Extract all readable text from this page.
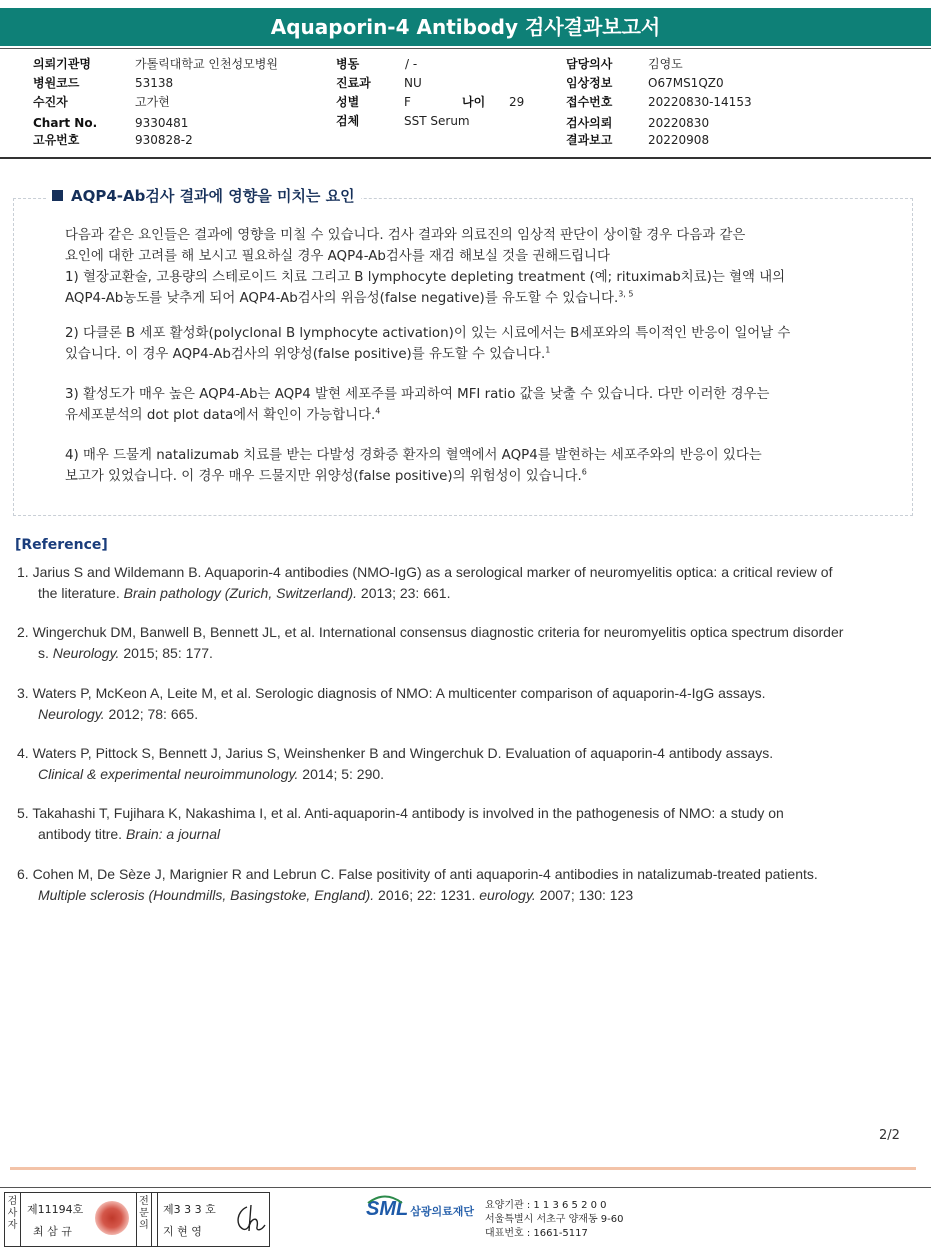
Aquaporin-4 Antibody 검사결과보고서
의뢰기관명	가톨릭대학교 인천성모병원
병원코드	53138
수진자	고가현
Chart No.	9330481
고유번호	930828-2
병동	/ -
진료과	NU
성별	F	나이 29
검체	SST Serum
담당의사	김영도
임상정보	O67MS1QZ0
접수번호	20220830-14153
검사의뢰	20220830
결과보고	20220908
AQP4-Ab검사 결과에 영향을 미치는 요인
다음과 같은 요인들은 결과에 영향을 미칠 수 있습니다. 검사 결과와 의료진의 임상적 판단이 상이할 경우 다음과 같은
요인에 대한 고려를 해 보시고 필요하실 경우 AQP4-Ab검사를 재검 해보실 것을 권해드립니다
1) 혈장교환술, 고용량의 스테로이드 치료 그리고 B lymphocyte depleting treatment (예; rituximab치료)는 혈액 내의
AQP4-Ab농도를 낮추게 되어 AQP4-Ab검사의 위음성(false negative)를 유도할 수 있습니다.$^{3, 5}$
2) 다클론 B 세포 활성화(polyclonal B lymphocyte activation)이 있는 시료에서는 B세포와의 특이적인 반응이 일어날 수
있습니다. 이 경우 AQP4-Ab검사의 위양성(false positive)를 유도할 수 있습니다.$^1$
3) 활성도가 매우 높은 AQP4-Ab는 AQP4 발현 세포주를 파괴하여 MFI ratio 값을 낮출 수 있습니다. 다만 이러한 경우는
유세포분석의 dot plot data에서 확인이 가능합니다.$^4$
4) 매우 드물게 natalizumab 치료를 받는 다발성 경화증 환자의 혈액에서 AQP4를 발현하는 세포주와의 반응이 있다는
보고가 있었습니다. 이 경우 매우 드물지만 위양성(false positive)의 위험성이 있습니다.$^6$
[Reference]
1. Jarius S and Wildemann B. Aquaporin-4 antibodies (NMO-IgG) as a serological marker of neuromyelitis optica: a critical review of
the literature. Brain pathology (Zurich, Switzerland). 2013; 23: 661.
2. Wingerchuk DM, Banwell B, Bennett JL, et al. International consensus diagnostic criteria for neuromyelitis optica spectrum disorder
s. Neurology. 2015; 85: 177.
3. Waters P, McKeon A, Leite M, et al. Serologic diagnosis of NMO: A multicenter comparison of aquaporin-4-IgG assays.
Neurology. 2012; 78: 665.
4. Waters P, Pittock S, Bennett J, Jarius S, Weinshenker B and Wingerchuk D. Evaluation of aquaporin-4 antibody assays.
Clinical & experimental neuroimmunology. 2014; 5: 290.
5. Takahashi T, Fujihara K, Nakashima I, et al. Anti-aquaporin-4 antibody is involved in the pathogenesis of NMO: a study on
antibody titre. Brain: a journal
6. Cohen M, De Sèze J, Marignier R and Lebrun C. False positivity of anti aquaporin-4 antibodies in natalizumab-treated patients.
Multiple sclerosis (Houndmills, Basingstoke, England). 2016; 22: 1231. eurology. 2007; 130: 123
2/2
검사자
제11194호
최 삼 규
전문의
제3 3 3 호
지 현 영
SML 삼광의료재단 요양기관 : 1 1 3 6 5 2 0 0
서울특별시 서초구 양재동 9-60
대표번호 : 1661-5117
